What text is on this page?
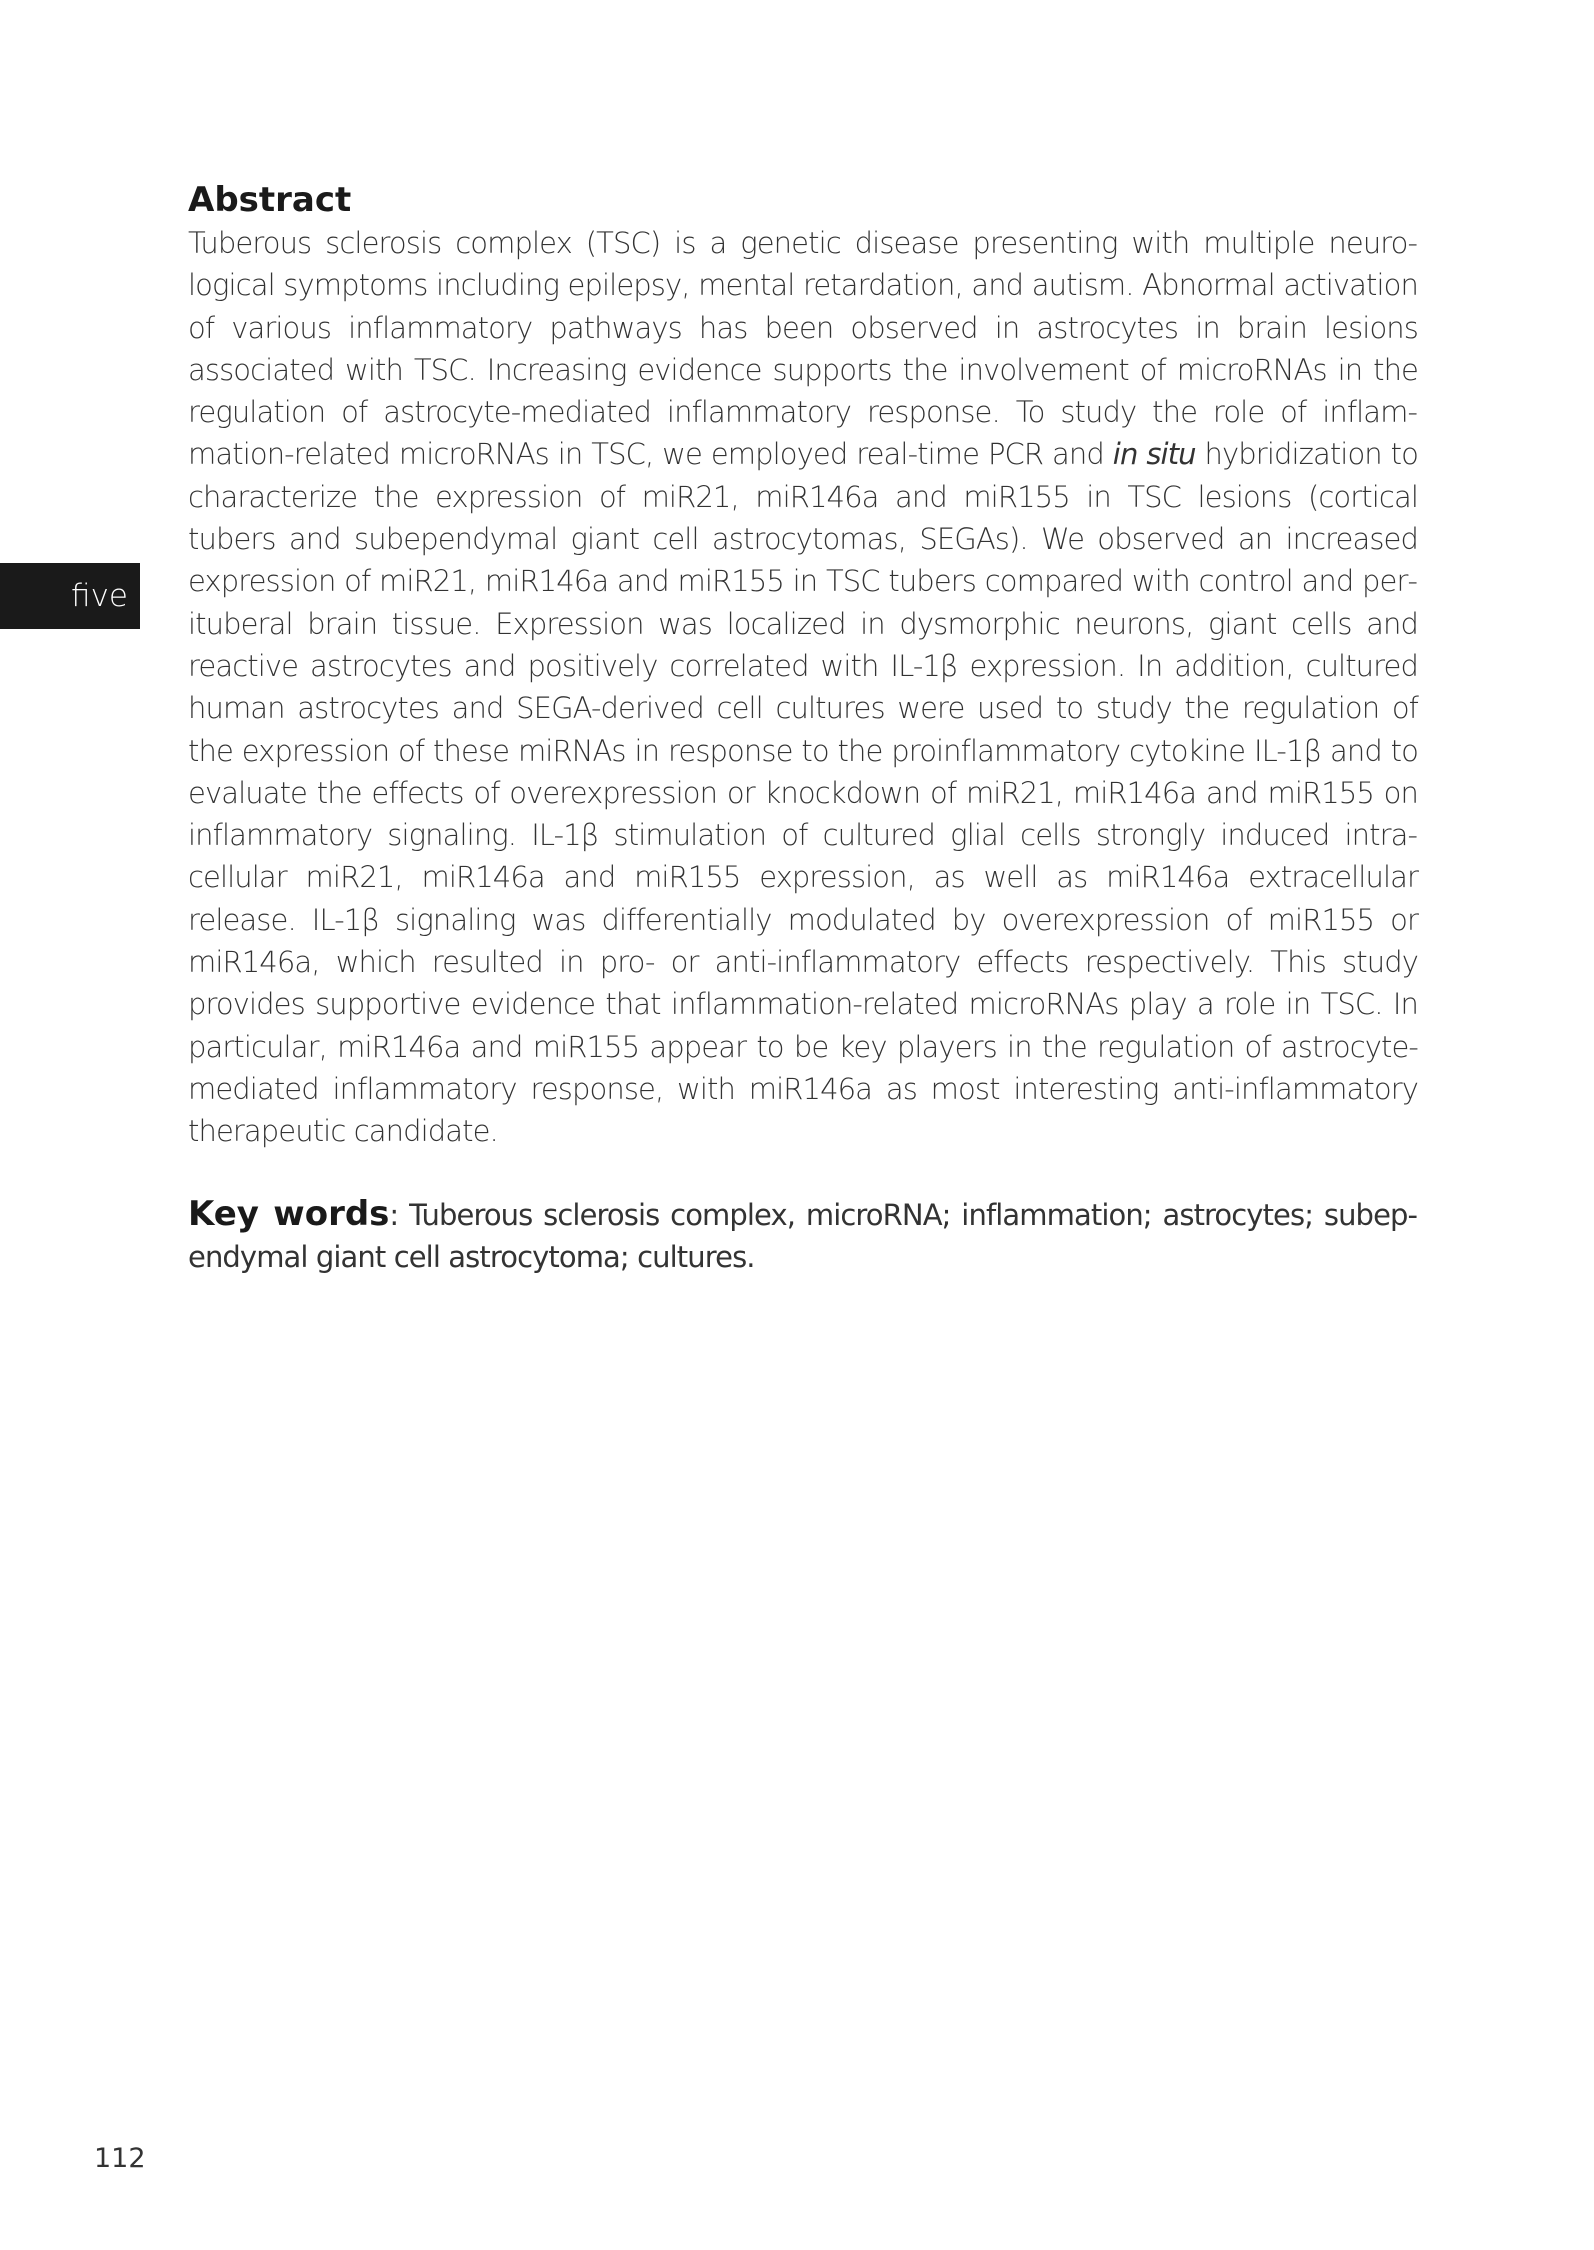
five
Abstract

Tuberous sclerosis complex (TSC) is a genetic disease presenting with multiple neurological symptoms including epilepsy, mental retardation, and autism. Abnormal activation of various inflammatory pathways has been observed in astrocytes in brain lesions associated with TSC. Increasing evidence supports the involvement of microRNAs in the regulation of astrocyte-mediated inflammatory response. To study the role of inflammation-related microRNAs in TSC, we employed real-time PCR and in situ hybridization to characterize the expression of miR21, miR146a and miR155 in TSC lesions (cortical tubers and subependymal giant cell astrocytomas, SEGAs). We observed an increased expression of miR21, miR146a and miR155 in TSC tubers compared with control and perituberal brain tissue. Expression was localized in dysmorphic neurons, giant cells and reactive astrocytes and positively correlated with IL-1β expression. In addition, cultured human astrocytes and SEGA-derived cell cultures were used to study the regulation of the expression of these miRNAs in response to the proinflammatory cytokine IL-1β and to evaluate the effects of overexpression or knockdown of miR21, miR146a and miR155 on inflammatory signaling. IL-1β stimulation of cultured glial cells strongly induced intracellular miR21, miR146a and miR155 expression, as well as miR146a extracellular release. IL-1β signaling was differentially modulated by overexpression of miR155 or miR146a, which resulted in pro- or anti-inflammatory effects respectively. This study provides supportive evidence that inflammation-related microRNAs play a role in TSC. In particular, miR146a and miR155 appear to be key players in the regulation of astrocyte-mediated inflammatory response, with miR146a as most interesting anti-inflammatory therapeutic candidate.

Key words: Tuberous sclerosis complex, microRNA; inflammation; astrocytes; subependymal giant cell astrocytoma; cultures.

112
